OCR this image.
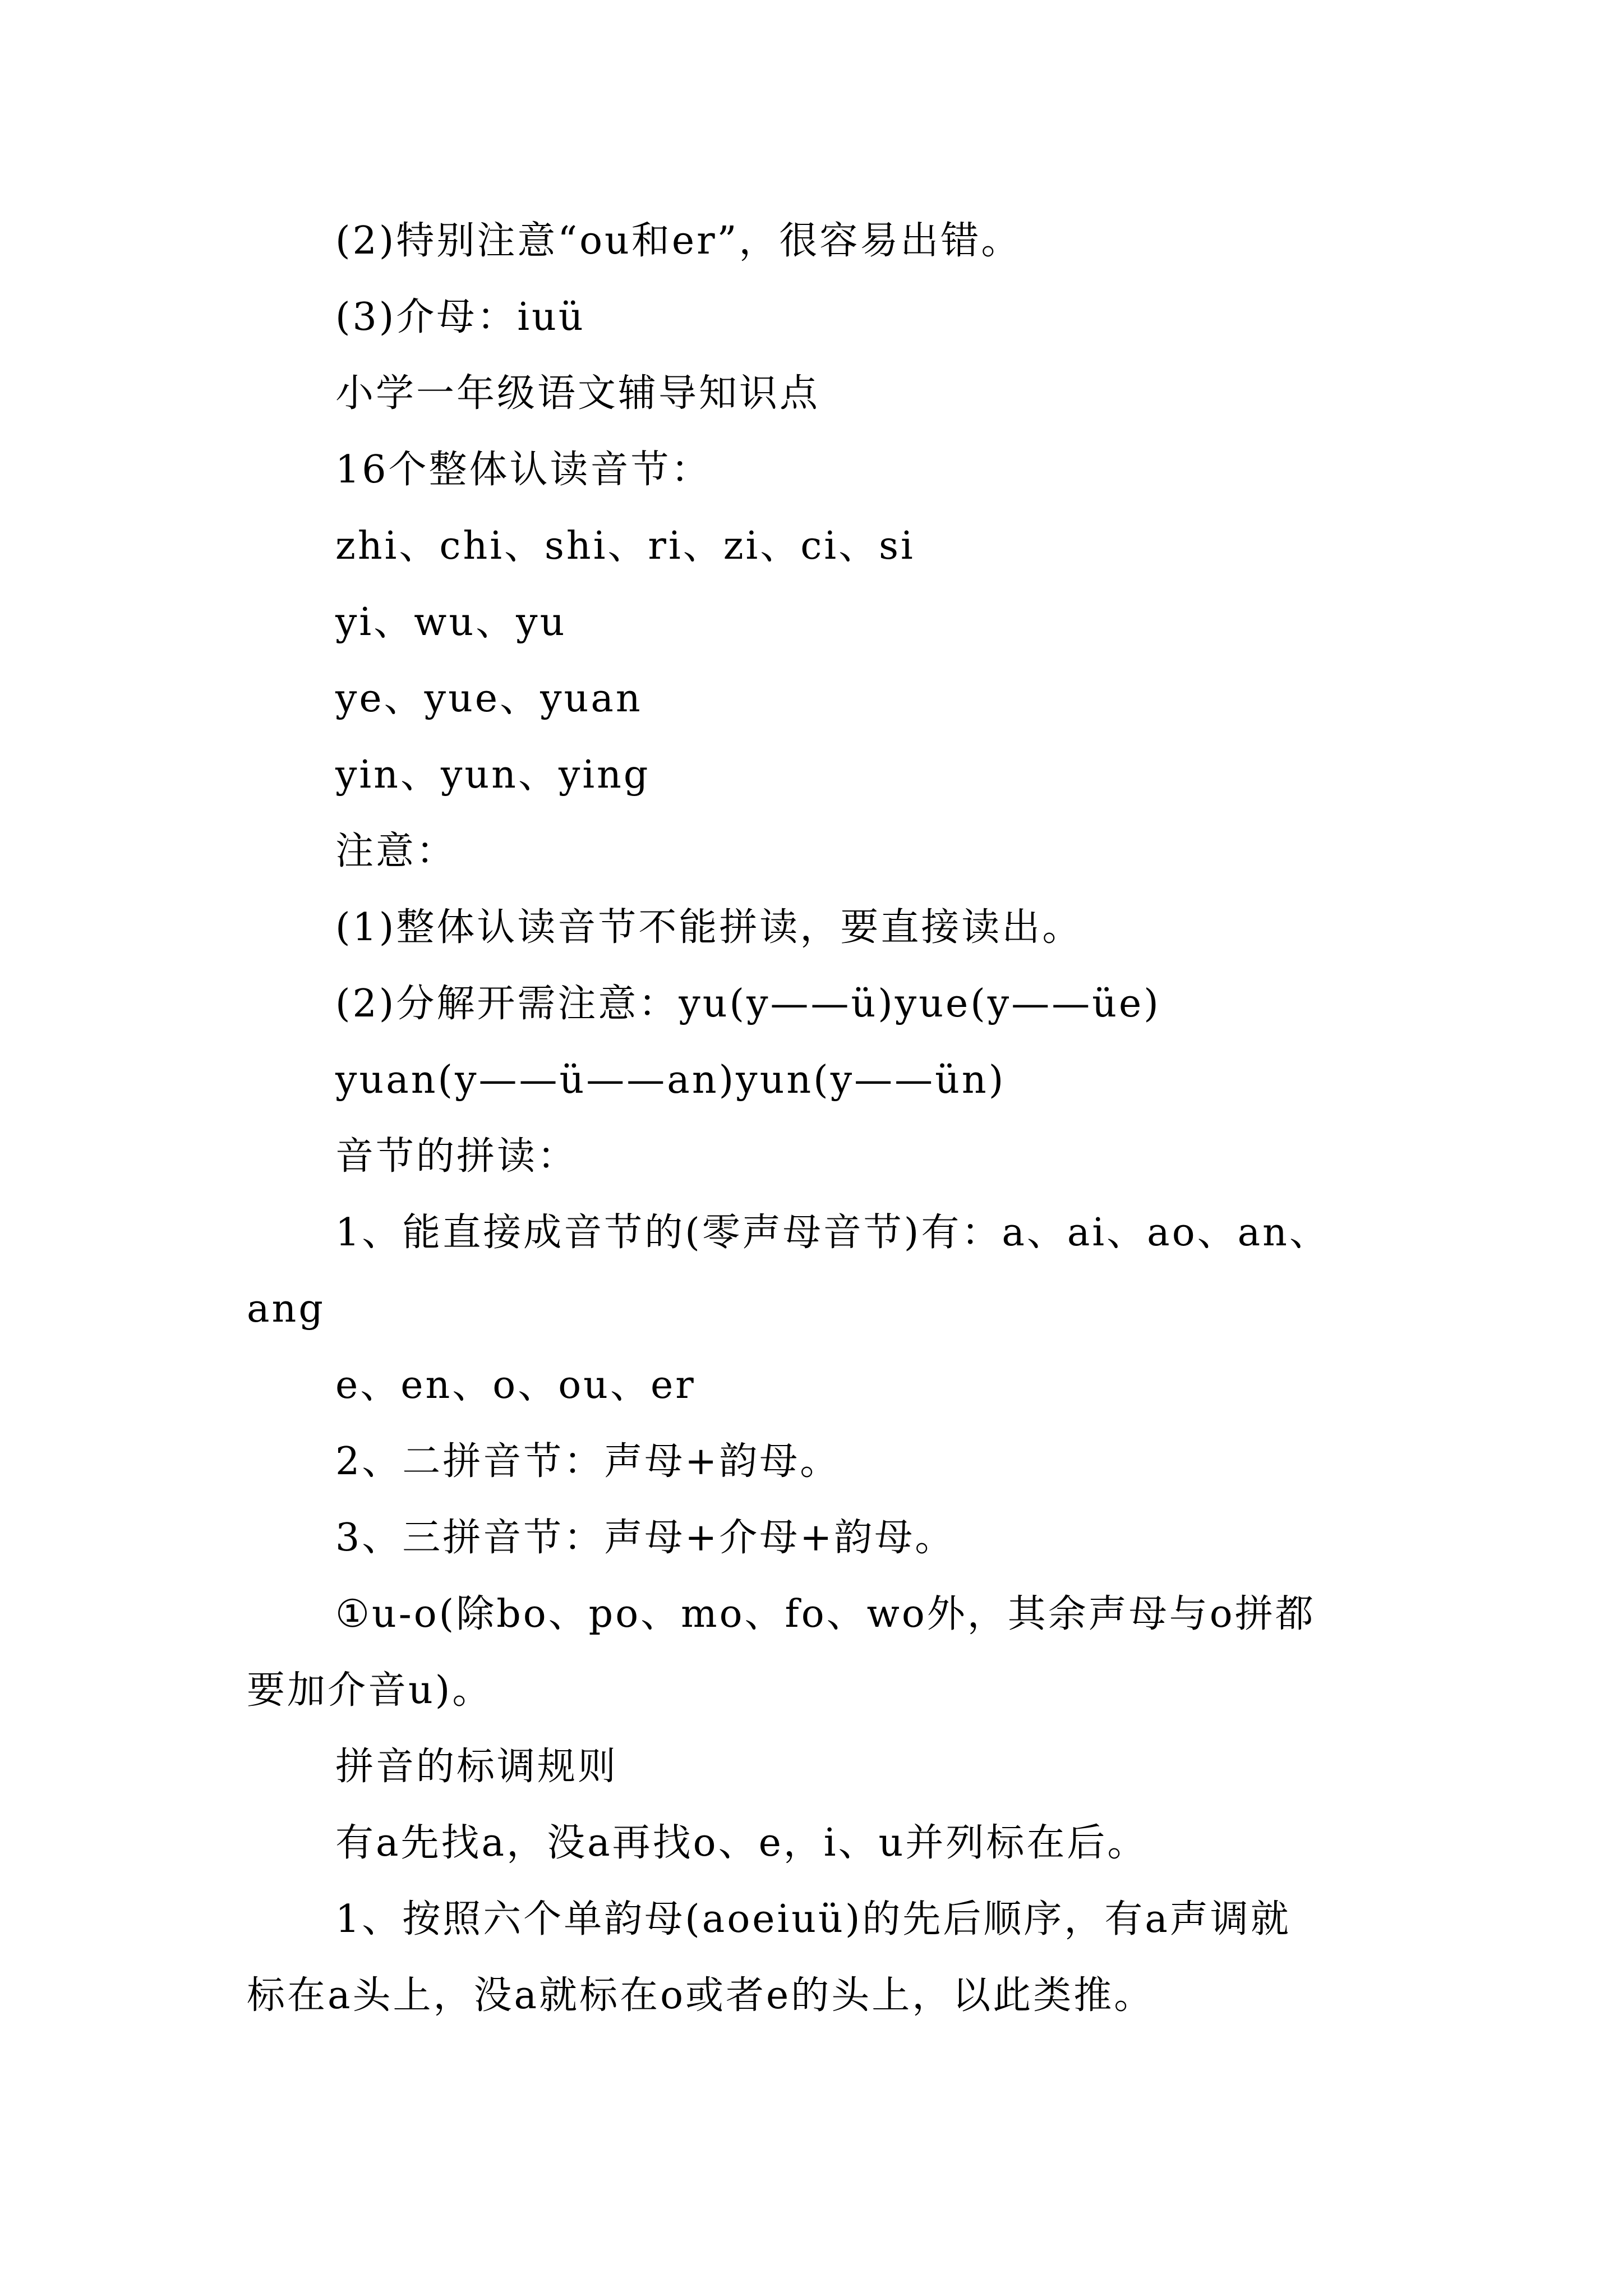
(2)特别注意“ou和er”，很容易出错。
(3)介母：iuü
小学一年级语文辅导知识点
16个整体认读音节：
zhi、chi、shi、ri、zi、ci、si
yi、wu、yu
ye、yue、yuan
yin、yun、ying
注意：
(1)整体认读音节不能拼读，要直接读出。
(2)分解开需注意：yu(y——ü)yue(y——üe)
yuan(y——ü——an)yun(y——ün)
音节的拼读：
1、能直接成音节的(零声母音节)有：a、ai、ao、an、
ang
e、en、o、ou、er
2、二拼音节：声母+韵母。
3、三拼音节：声母+介母+韵母。
①u-o(除bo、po、mo、fo、wo外，其余声母与o拼都
要加介音u)。
拼音的标调规则
有a先找a，没a再找o、e，i、u并列标在后。
1、按照六个单韵母(aoeiuü)的先后顺序，有a声调就
标在a头上，没a就标在o或者e的头上，以此类推。
